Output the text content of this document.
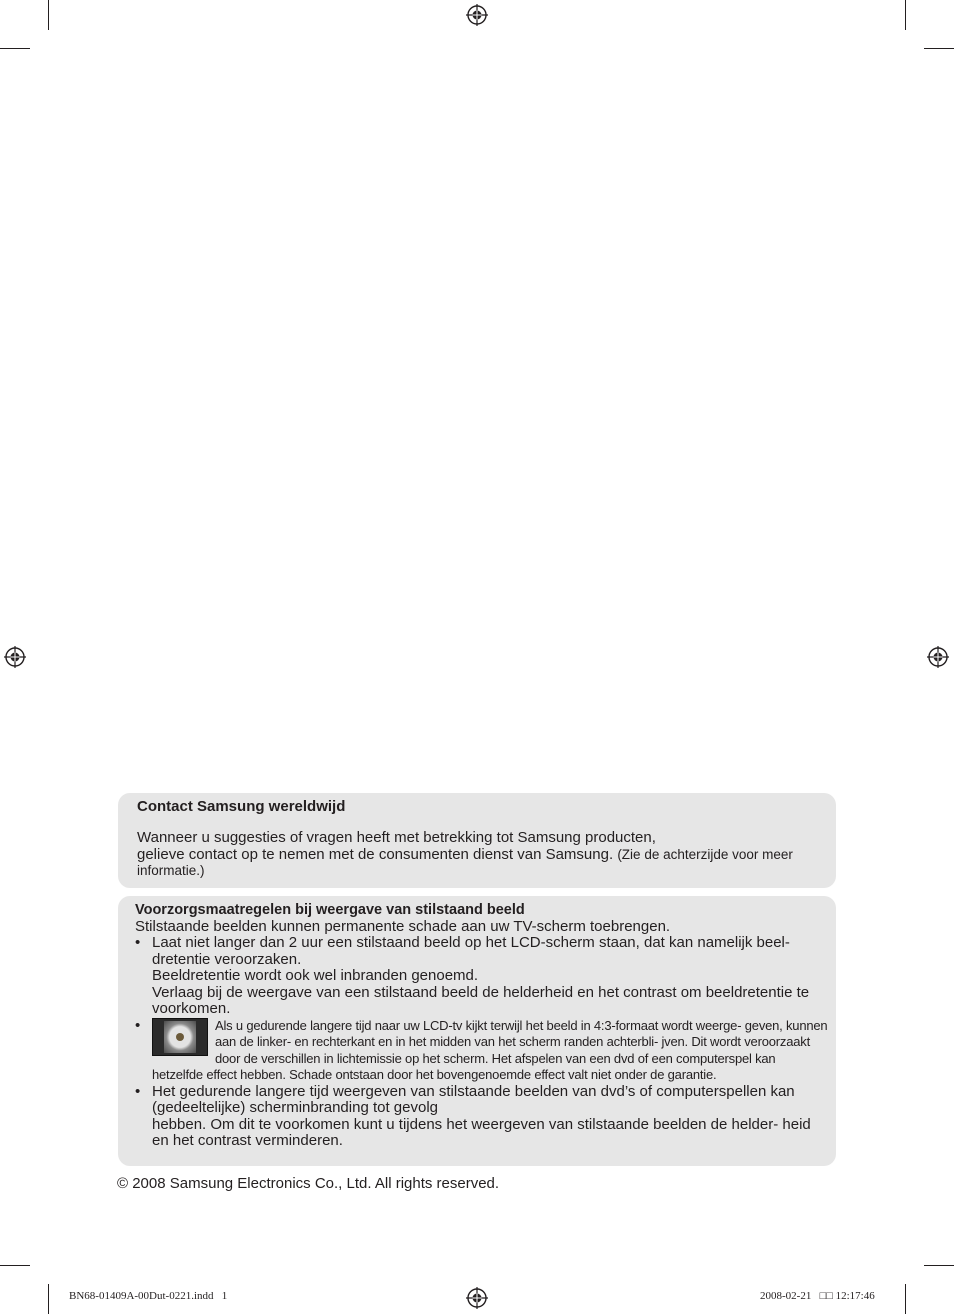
Contact Samsung wereldwijd
Wanneer u suggesties of vragen heeft met betrekking tot Samsung producten,
gelieve contact op te nemen met de consumenten dienst van Samsung. (Zie de achterzijde voor meer informatie.)
Voorzorgsmaatregelen bij weergave van stilstaand beeld
Stilstaande beelden kunnen permanente schade aan uw TV-scherm toebrengen.
• Laat niet langer dan 2 uur een stilstaand beeld op het LCD-scherm staan, dat kan namelijk beel- dretentie veroorzaken.
Beeldretentie wordt ook wel inbranden genoemd.
Verlaag bij de weergave van een stilstaand beeld de helderheid en het contrast om beeldretentie te voorkomen.
•	Als u gedurende langere tijd naar uw LCD-tv kijkt terwijl het beeld in 4:3-formaat wordt weerge- geven, kunnen aan de linker- en rechterkant en in het midden van het scherm randen achterbli- jven. Dit wordt veroorzaakt door de verschillen in lichtemissie op het scherm. Het afspelen van een dvd of een computerspel kan hetzelfde effect hebben. Schade ontstaan door het bovengenoemde effect valt niet onder de garantie.
• Het gedurende langere tijd weergeven van stilstaande beelden van dvd’s of computerspellen kan (gedeeltelijke) scherminbranding tot gevolg
hebben. Om dit te voorkomen kunt u tijdens het weergeven van stilstaande beelden de helder- heid en het contrast verminderen.
© 2008 Samsung Electronics Co., Ltd. All rights reserved.
BN68-01409A-00Dut-0221.indd   1	2008-02-21   □□ 12:17:46
